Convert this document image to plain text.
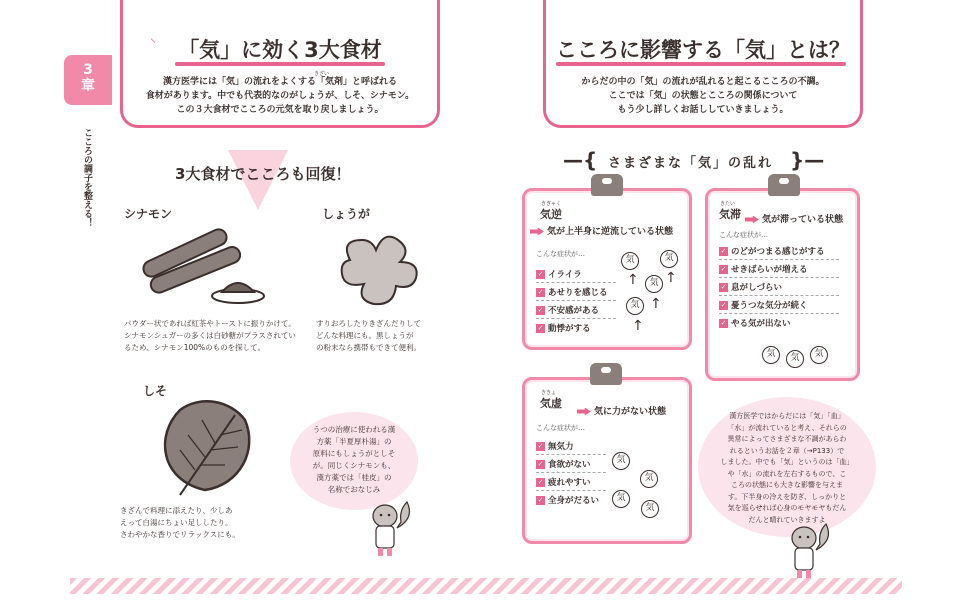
3
章
こころの調子を整える！
⸌	「気」に効く3大食材
きざい
漢方医学には「気」の流れをよくする「気剤」と呼ばれる
食材があります。中でも代表的なのがしょうが、しそ、シナモン。
この３大食材でこころの元気を取り戻しましょう。
3大食材でこころも回復！
シナモン
パウダー状であれば紅茶やトーストに振りかけて。
シナモンシュガーの多くは白砂糖がプラスされてい
るため、シナモン100%のものを探して。
しょうが
すりおろしたりきざんだりして
どんな料理にも。黒しょうが
の粉末なら携帯もできて便利。
しそ
きざんで料理に添えたり、少しあ
えって白湯にちょい足ししたり。
さわやかな香りでリラックスにも。
うつの治療に使われる漢
方薬「半夏厚朴湯」の
原料にもしょうがとしそ
が。同じくシナモンも、
漢方薬では「桂皮」の
名称でおなじみ
こころに影響する「気」とは？
からだの中の「気」の流れが乱れると起こるこころの不調。
ここでは「気」の状態とこころの関係について
もう少し詳しくお話ししていきましょう。
—{ さまざまな「気」の乱れ }—
きぎゃく
気逆
気が上半身に逆流している状態
こんな症状が…
✓ イライラ
✓ あせりを感じる
✓ 不安感がある
✓ 動悸がする
気	気
気
気
↑ ↑
↑
↑
きたい
気滞	気が滞っている状態
こんな症状が…
✓ のどがつまる感じがする
✓ せきばらいが増える
✓ 息がしづらい
✓ 憂うつな気分が続く
✓ やる気が出ない
気	気	気
ききょ
気虚
気に力がない状態
こんな症状が…
✓ 無気力
✓ 食欲がない
✓ 疲れやすい
✓ 全身がだるい
気
気
気
気
漢方医学ではからだには「気」「血」
「水」が流れていると考え、それらの
異常によってさまざまな不調があらわ
れるというお話を２章（→P133）で
しました。中でも「気」というのは「血」
や「水」の流れを左右するもので、こ
ころの状態にも大きな影響を与えま
す。下半身の冷えを防ぎ、しっかりと
気を巡らせれば心身のモヤモヤもだん
だんと晴れていきますよ
